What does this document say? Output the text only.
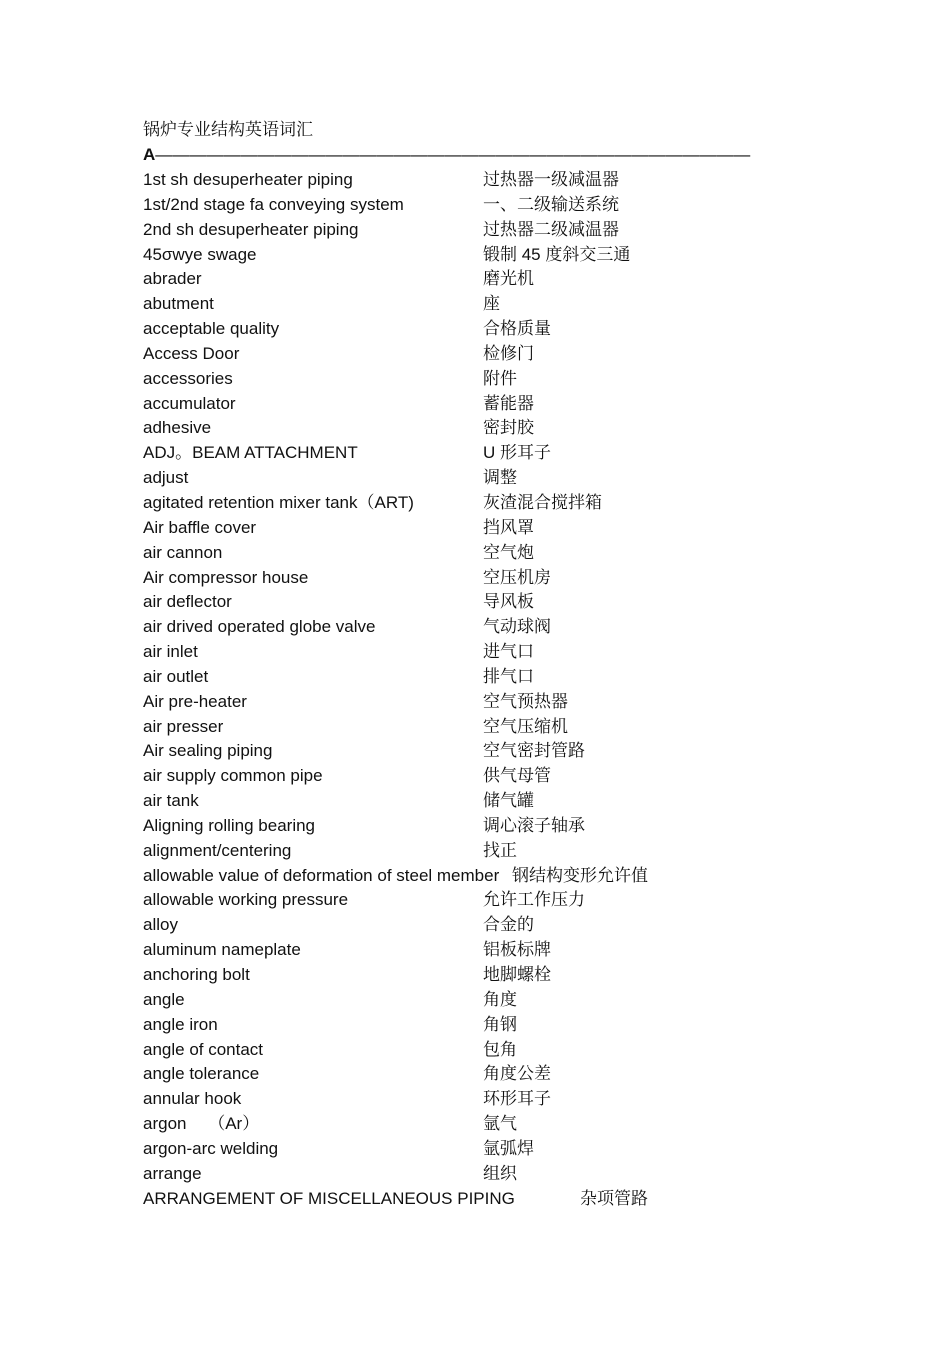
锅炉专业结构英语词汇
A———————————————————————————————————
1st sh desuperheater piping	过热器一级减温器
1st/2nd stage fa conveying system	一、二级输送系统
2nd sh desuperheater piping	过热器二级减温器
45σwye swage	锻制 45 度斜交三通
abrader	磨光机
abutment	座
acceptable quality	合格质量
Access Door	检修门
accessories	附件
accumulator	蓄能器
adhesive	密封胶
ADJ。BEAM ATTACHMENT	U 形耳子
adjust	调整
agitated retention mixer tank（ART)	灰渣混合搅拌箱
Air baffle cover	挡风罩
air cannon	空气炮
Air compressor house	空压机房
air deflector	导风板
air drived operated globe valve	气动球阀
air inlet	进气口
air outlet	排气口
Air pre-heater	空气预热器
air presser	空气压缩机
Air sealing piping	空气密封管路
air supply common pipe	供气母管
air tank	储气罐
Aligning rolling bearing	调心滚子轴承
alignment/centering	找正
allowable value of deformation of steel member 钢结构变形允许值
allowable working pressure	允许工作压力
alloy	合金的
aluminum nameplate	铝板标牌
anchoring bolt	地脚螺栓
angle	角度
angle iron	角钢
angle of contact	包角
angle tolerance	角度公差
annular hook	环形耳子
argon　 （Ar）	氩气
argon-arc welding	氩弧焊
arrange	组织
ARRANGEMENT OF MISCELLANEOUS PIPING	杂项管路
